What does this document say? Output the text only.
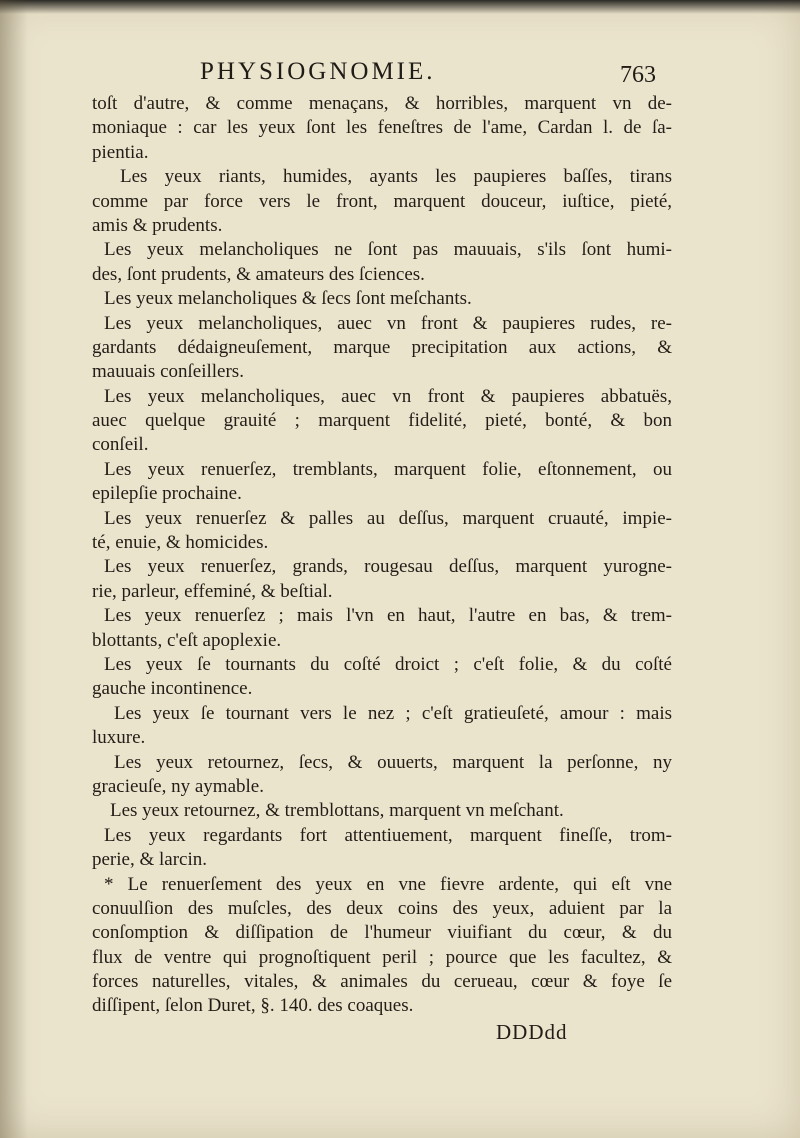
PHYSIOGNOMIE.	763
toſt d'autre, & comme menaçans, & horribles, marquent vn de-
moniaque : car les yeux ſont les feneſtres de l'ame, Cardan l. de ſa-
pientia.
Les yeux riants, humides, ayants les paupieres baſſes, tirans
comme par force vers le front, marquent douceur, iuſtice, pieté,
amis & prudents.
Les yeux melancholiques ne ſont pas mauuais, s'ils ſont humi-
des, ſont prudents, & amateurs des ſciences.
Les yeux melancholiques & ſecs ſont meſchants.
Les yeux melancholiques, auec vn front & paupieres rudes, re-
gardants dédaigneuſement, marque precipitation aux actions, &
mauuais conſeillers.
Les yeux melancholiques, auec vn front & paupieres abbatuës,
auec quelque grauité ; marquent fidelité, pieté, bonté, & bon
conſeil.
Les yeux renuerſez, tremblants, marquent folie, eſtonnement, ou
epilepſie prochaine.
Les yeux renuerſez & palles au deſſus, marquent cruauté, impie-
té, enuie, & homicides.
Les yeux renuerſez, grands, rougesau deſſus, marquent yurogne-
rie, parleur, effeminé, & beſtial.
Les yeux renuerſez ; mais l'vn en haut, l'autre en bas, & trem-
blottants, c'eſt apoplexie.
Les yeux ſe tournants du coſté droict ; c'eſt folie, & du coſté
gauche incontinence.
Les yeux ſe tournant vers le nez ; c'eſt gratieuſeté, amour : mais
luxure.
Les yeux retournez, ſecs, & ouuerts, marquent la perſonne, ny
gracieuſe, ny aymable.
Les yeux retournez, & tremblottans, marquent vn meſchant.
Les yeux regardants fort attentiuement, marquent fineſſe, trom-
perie, & larcin.
* Le renuerſement des yeux en vne fievre ardente, qui eſt vne
conuulſion des muſcles, des deux coins des yeux, aduient par la
conſomption & diſſipation de l'humeur viuifiant du cœur, & du
flux de ventre qui prognoſtiquent peril ; pource que les facultez, &
forces naturelles, vitales, & animales du cerueau, cœur & foye ſe
diſſipent, ſelon Duret, §. 140. des coaques.
DDDdd
